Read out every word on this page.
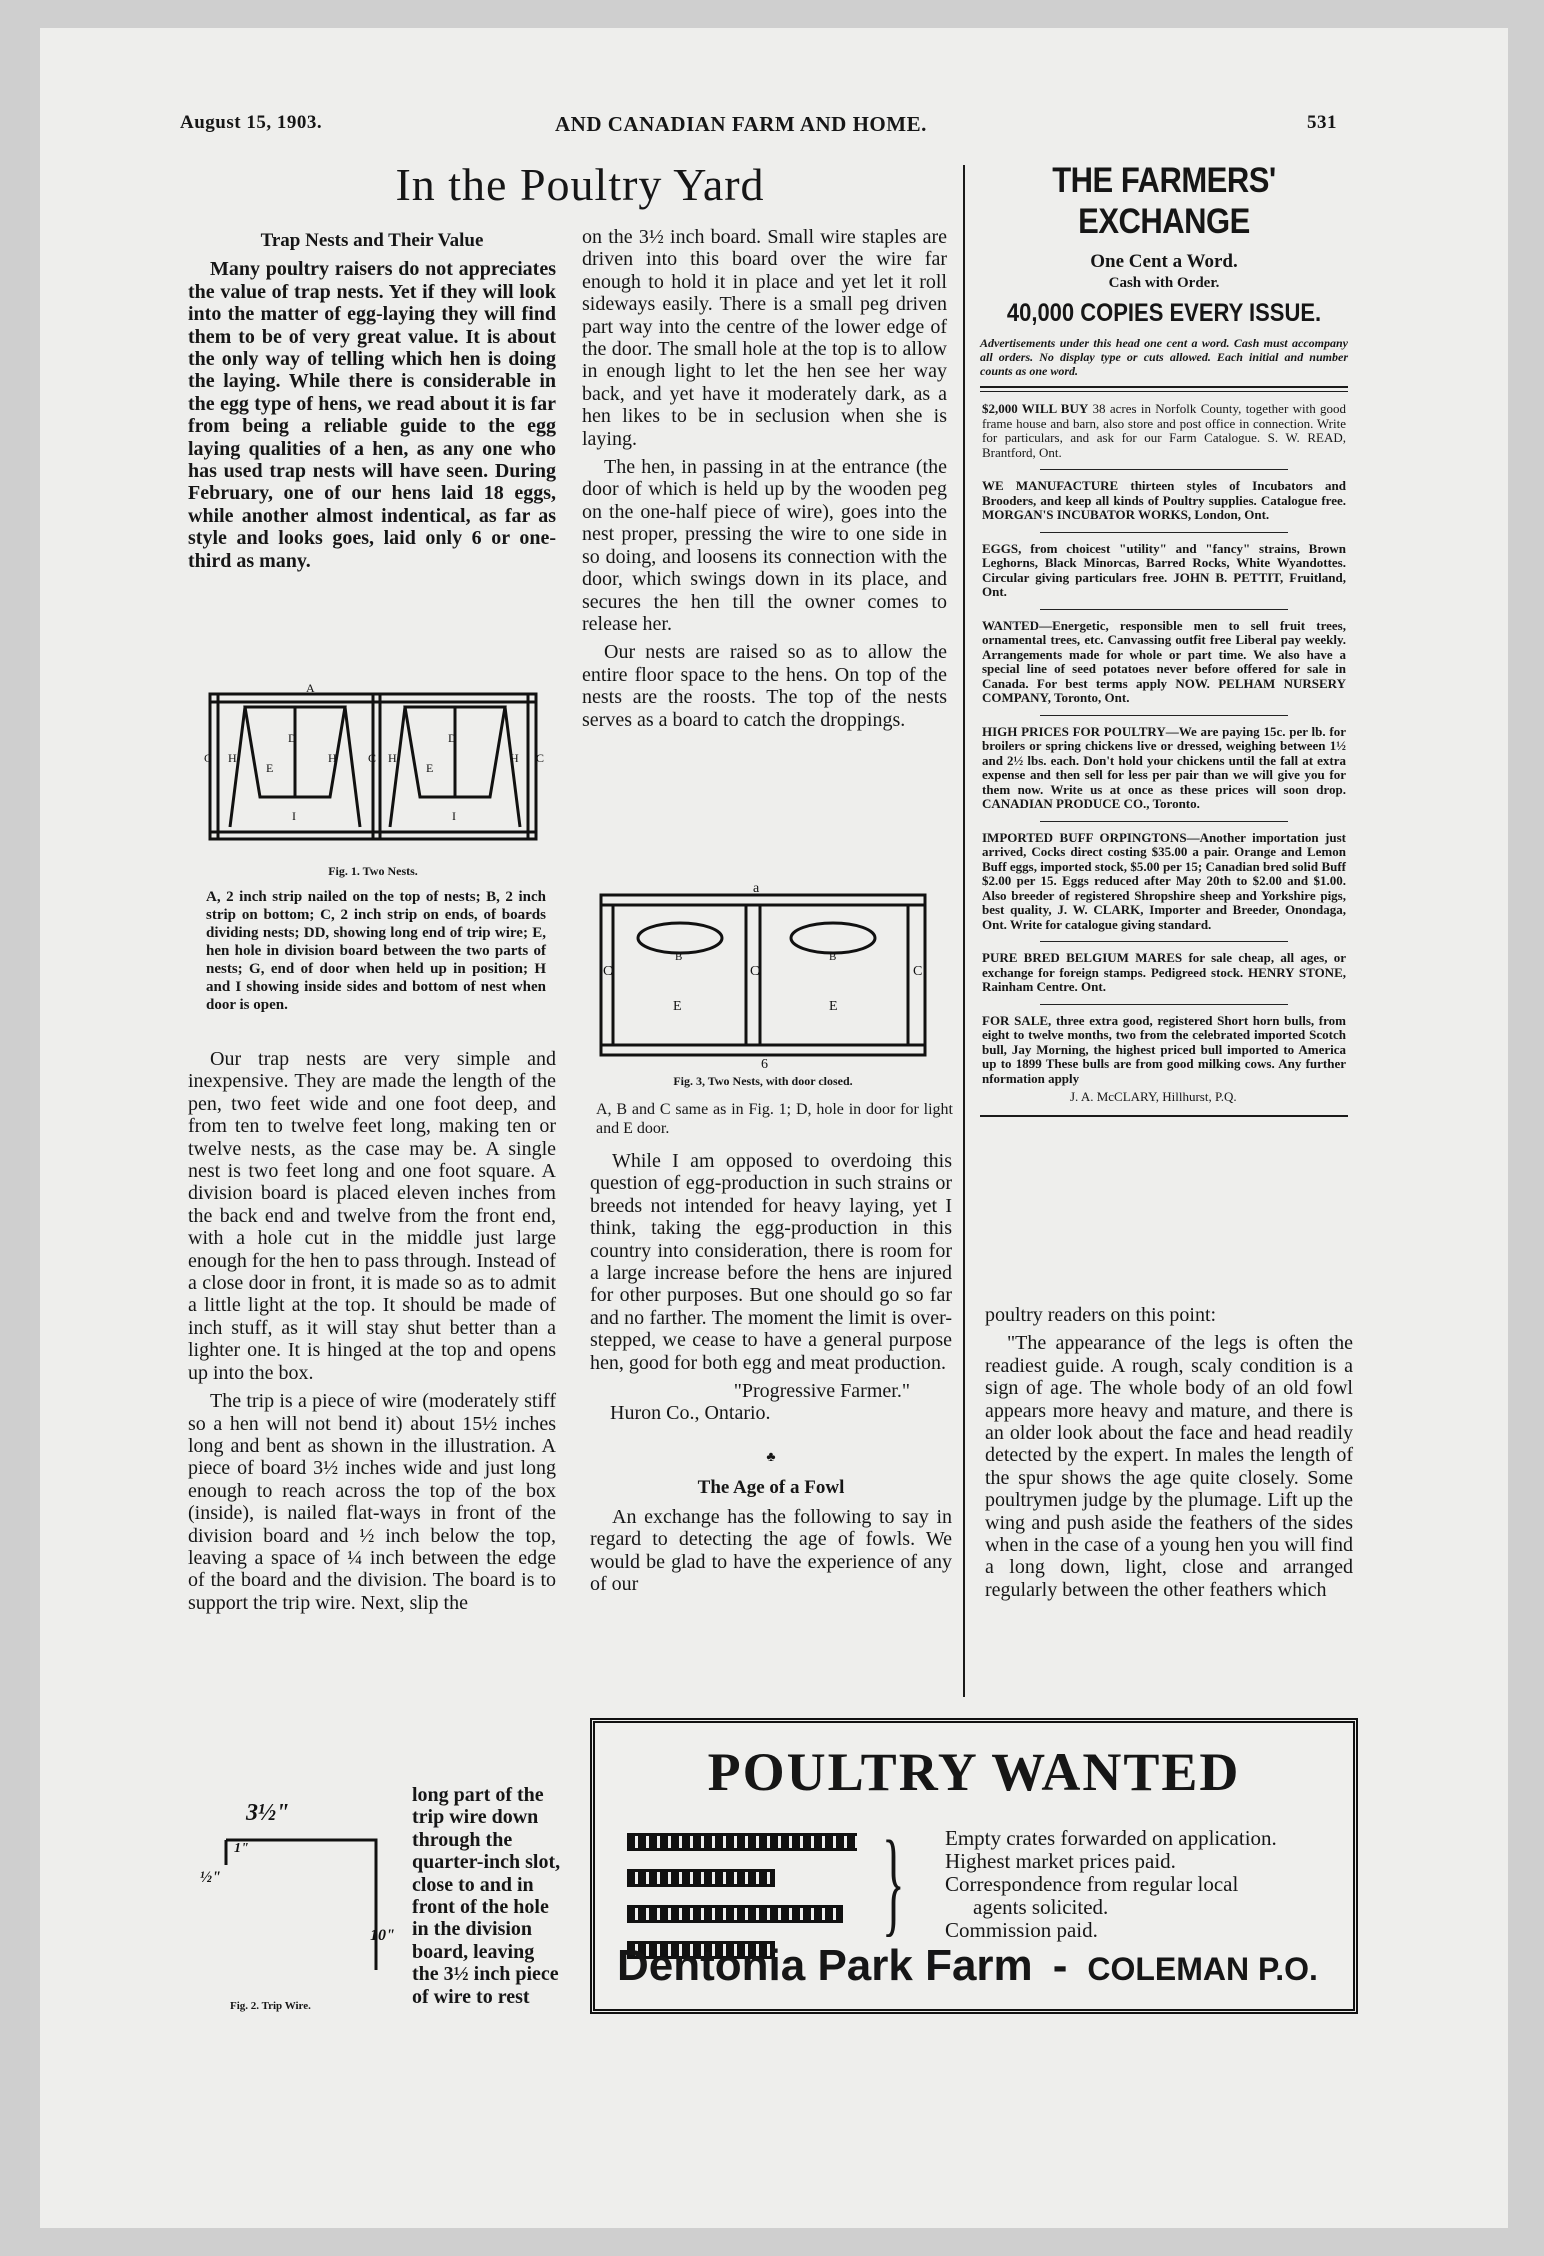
August 15, 1903.	AND CANADIAN FARM AND HOME.	531
In the Poultry Yard
Trap Nests and Their Value

Many poultry raisers do not appreciates the value of trap nests. Yet if they will look into the matter of egg-laying they will find them to be of very great value. It is about the only way of telling which hen is doing the laying. While there is considerable in the egg type of hens, we read about it is far from being a reliable guide to the egg laying qualities of a hen, as any one who has used trap nests will have seen. During February, one of our hens laid 18 eggs, while another almost indentical, as far as style and looks goes, laid only 6 or one-third as many.

A
C H
E
D
H	C H
E
D
H C
I	I
Fig. 1. Two Nests.
A, 2 inch strip nailed on the top of nests; B, 2 inch strip on bottom; C, 2 inch strip on ends, of boards dividing nests; DD, showing long end of trip wire; E, hen hole in division board between the two parts of nests; G, end of door when held up in position; H and I showing inside sides and bottom of nest when door is open.

Our trap nests are very simple and inexpensive. They are made the length of the pen, two feet wide and one foot deep, and from ten to twelve feet long, making ten or twelve nests, as the case may be. A single nest is two feet long and one foot square. A division board is placed eleven inches from the back end and twelve from the front end, with a hole cut in the middle just large enough for the hen to pass through. Instead of a close door in front, it is made so as to admit a little light at the top. It should be made of inch stuff, as it will stay shut better than a lighter one. It is hinged at the top and opens up into the box.

The trip is a piece of wire (moderately stiff so a hen will not bend it) about 15½ inches long and bent as shown in the illustration. A piece of board 3½ inches wide and just long enough to reach across the top of the box (inside), is nailed flat-ways in front of the division board and ½ inch below the top, leaving a space of ¼ inch between the edge of the board and the division. The board is to support the trip wire. Next, slip the

3½"
1"
½"
10"

long part of the trip wire down through the quarter-inch slot, close to and in front of the hole in the division board, leaving the 3½ inch piece of wire to rest

Fig. 2. Trip Wire.

on the 3½ inch board. Small wire staples are driven into this board over the wire far enough to hold it in place and yet let it roll sideways easily. There is a small peg driven part way into the centre of the lower edge of the door. The small hole at the top is to allow in enough light to let the hen see her way back, and yet have it moderately dark, as a hen likes to be in seclusion when she is laying.

The hen, in passing in at the entrance (the door of which is held up by the wooden peg on the one-half piece of wire), goes into the nest proper, pressing the wire to one side in so doing, and loosens its connection with the door, which swings down in its place, and secures the hen till the owner comes to release her.

Our nests are raised so as to allow the entire floor space to the hens. On top of the nests are the roosts. The top of the nests serves as a board to catch the droppings.

a
C
B
E
C
B
E
C
6
Fig. 3, Two Nests, with door closed.
A, B and C same as in Fig. 1; D, hole in door for light and E door.

While I am opposed to overdoing this question of egg-production in such strains or breeds not intended for heavy laying, yet I think, taking the egg-production in this country into consideration, there is room for a large increase before the hens are injured for other purposes. But one should go so far and no farther. The moment the limit is over-stepped, we cease to have a general purpose hen, good for both egg and meat production.

"Progressive Farmer."
Huron Co., Ontario.
♣
The Age of a Fowl

An exchange has the following to say in regard to detecting the age of fowls. We would be glad to have the experience of any of our

THE FARMERS' EXCHANGE
One Cent a Word.
Cash with Order.
40,000 COPIES EVERY ISSUE.
Advertisements under this head one cent a word. Cash must accompany all orders. No display type or cuts allowed. Each initial and number counts as one word.
$2,000 WILL BUY 38 acres in Norfolk County, together with good frame house and barn, also store and post office in connection. Write for particulars, and ask for our Farm Catalogue. S. W. READ, Brantford, Ont.
WE MANUFACTURE thirteen styles of Incubators and Brooders, and keep all kinds of Poultry supplies. Catalogue free. MORGAN'S INCUBATOR WORKS, London, Ont.
EGGS, from choicest "utility" and "fancy" strains, Brown Leghorns, Black Minorcas, Barred Rocks, White Wyandottes. Circular giving particulars free. JOHN B. PETTIT, Fruitland, Ont.
WANTED—Energetic, responsible men to sell fruit trees, ornamental trees, etc. Canvassing outfit free Liberal pay weekly. Arrangements made for whole or part time. We also have a special line of seed potatoes never before offered for sale in Canada. For best terms apply NOW. PELHAM NURSERY COMPANY, Toronto, Ont.
HIGH PRICES FOR POULTRY—We are paying 15c. per lb. for broilers or spring chickens live or dressed, weighing between 1½ and 2½ lbs. each. Don't hold your chickens until the fall at extra expense and then sell for less per pair than we will give you for them now. Write us at once as these prices will soon drop. CANADIAN PRODUCE CO., Toronto.
IMPORTED BUFF ORPINGTONS—Another importation just arrived, Cocks direct costing $35.00 a pair. Orange and Lemon Buff eggs, imported stock, $5.00 per 15; Canadian bred solid Buff $2.00 per 15. Eggs reduced after May 20th to $2.00 and $1.00. Also breeder of registered Shropshire sheep and Yorkshire pigs, best quality, J. W. CLARK, Importer and Breeder, Onondaga, Ont. Write for catalogue giving standard.
PURE BRED BELGIUM MARES for sale cheap, all ages, or exchange for foreign stamps. Pedigreed stock. HENRY STONE, Rainham Centre. Ont.
FOR SALE, three extra good, registered Short horn bulls, from eight to twelve months, two from the celebrated imported Scotch bull, Jay Morning, the highest priced bull imported to America up to 1899 These bulls are from good milking cows. Any further nformation apply
J. A. McCLARY, Hillhurst, P.Q.

poultry readers on this point:

"The appearance of the legs is often the readiest guide. A rough, scaly condition is a sign of age. The whole body of an old fowl appears more heavy and mature, and there is an older look about the face and head readily detected by the expert. In males the length of the spur shows the age quite closely. Some poultrymen judge by the plumage. Lift up the wing and push aside the feathers of the sides when in the case of a young hen you will find a long down, light, close and arranged regularly between the other feathers which

POULTRY WANTED
} Empty crates forwarded on application.
Highest market prices paid.
Correspondence from regular local
agents solicited.
Commission paid.
Dentonia Park Farm - COLEMAN P.O.
